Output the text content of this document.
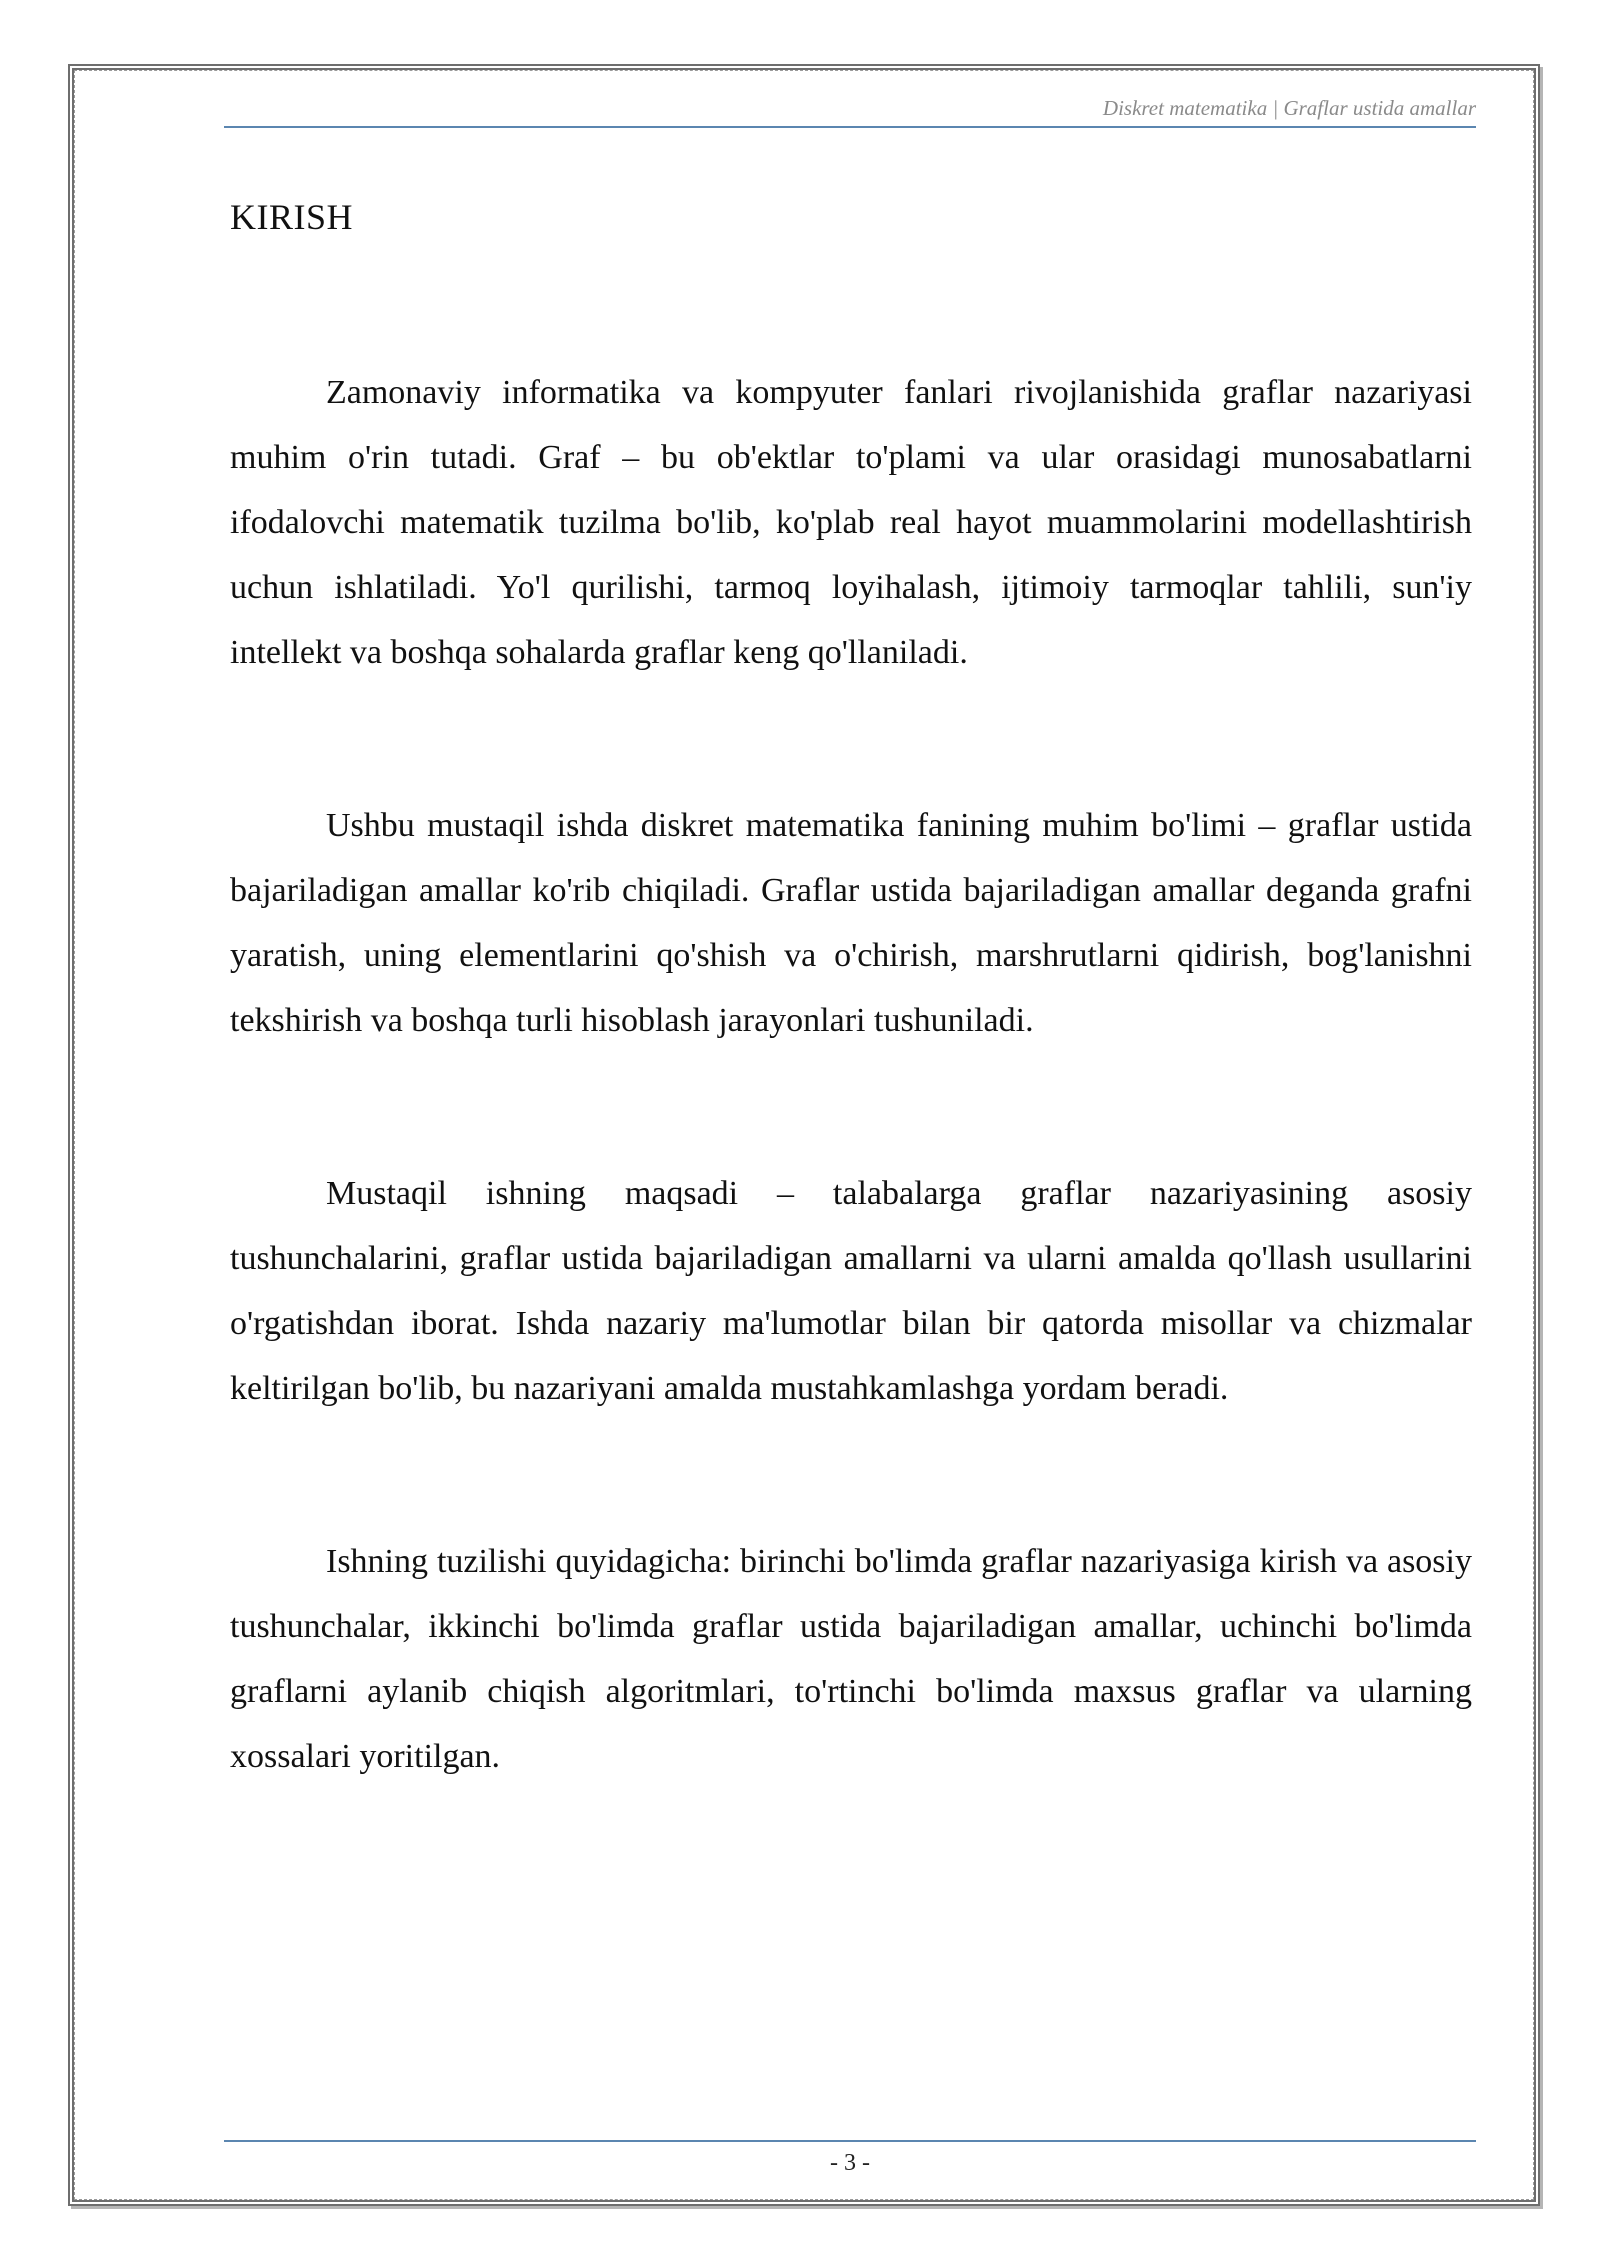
Diskret matematika | Graflar ustida amallar
KIRISH

Zamonaviy informatika va kompyuter fanlari rivojlanishida graflar nazariyasi muhim o'rin tutadi. Graf – bu ob'ektlar to'plami va ular orasidagi munosabatlarni ifodalovchi matematik tuzilma bo'lib, ko'plab real hayot muammolarini modellashtirish uchun ishlatiladi. Yo'l qurilishi, tarmoq loyihalash, ijtimoiy tarmoqlar tahlili, sun'iy intellekt va boshqa sohalarda graflar keng qo'llaniladi.

Ushbu mustaqil ishda diskret matematika fanining muhim bo'limi – graflar ustida bajariladigan amallar ko'rib chiqiladi. Graflar ustida bajariladigan amallar deganda grafni yaratish, uning elementlarini qo'shish va o'chirish, marshrutlarni qidirish, bog'lanishni tekshirish va boshqa turli hisoblash jarayonlari tushuniladi.

Mustaqil ishning maqsadi – talabalarga graflar nazariyasining asosiy tushunchalarini, graflar ustida bajariladigan amallarni va ularni amalda qo'llash usullarini o'rgatishdan iborat. Ishda nazariy ma'lumotlar bilan bir qatorda misollar va chizmalar keltirilgan bo'lib, bu nazariyani amalda mustahkamlashga yordam beradi.

Ishning tuzilishi quyidagicha: birinchi bo'limda graflar nazariyasiga kirish va asosiy tushunchalar, ikkinchi bo'limda graflar ustida bajariladigan amallar, uchinchi bo'limda graflarni aylanib chiqish algoritmlari, to'rtinchi bo'limda maxsus graflar va ularning xossalari yoritilgan.

- 3 -
